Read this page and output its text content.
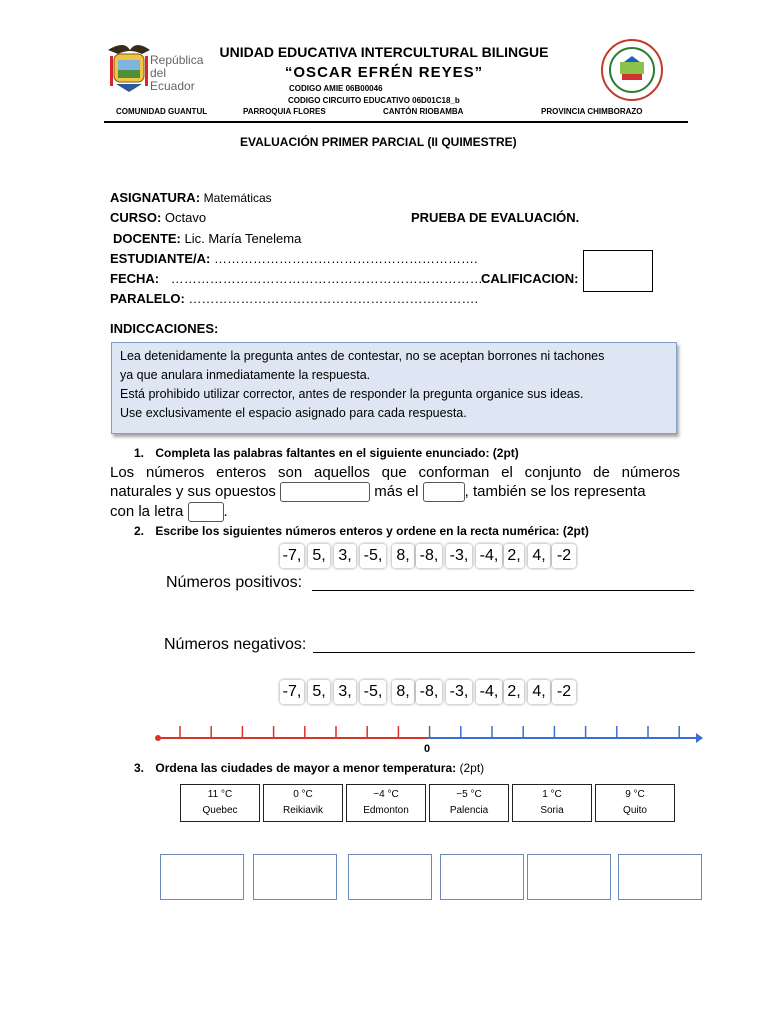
República
del Ecuador
UNIDAD EDUCATIVA INTERCULTURAL BILINGUE
“OSCAR EFRÉN REYES”
CODIGO AMIE 06B00046
CODIGO CIRCUITO EDUCATIVO 06D01C18_b
COMUNIDAD GUANTUL	PARROQUIA FLORES	CANTÓN RIOBAMBA	PROVINCIA CHIMBORAZO
EVALUACIÓN PRIMER PARCIAL (II QUIMESTRE)
ASIGNATURA: Matemáticas
CURSO: Octavo	PRUEBA DE EVALUACIÓN.
DOCENTE: Lic. María Tenelema
ESTUDIANTE/A: …………………………………………………….
FECHA: ……………………………………………………………….
CALIFICACION:
PARALELO: ………………………………………………………….
INDICCACIONES:
Lea detenidamente la pregunta antes de contestar, no se aceptan borrones ni tachones
ya que anulara inmediatamente la respuesta.
Está prohibido utilizar corrector, antes de responder la pregunta organice sus ideas.
Use exclusivamente el espacio asignado para cada respuesta.
1. Completa las palabras faltantes en el siguiente enunciado: (2pt)
Los números enteros son aquellos que conforman el conjunto de números
naturales y sus opuestos	más el	, también se los representa
con la letra	.
2. Escribe los siguientes números enteros y ordene en la recta numérica: (2pt)
-7, 5, 3, -5, 8, -8, -3, -4, 2, 4, -2
Números positivos:
Números negativos:
-7, 5, 3, -5, 8, -8, -3, -4, 2, 4, -2
0
3. Ordena las ciudades de mayor a menor temperatura: (2pt)
11 °C
Quebec
0 °C
Reikiavik
−4 °C
Edmonton
−5 °C
Palencia
1 °C
Soria
9 °C
Quito
